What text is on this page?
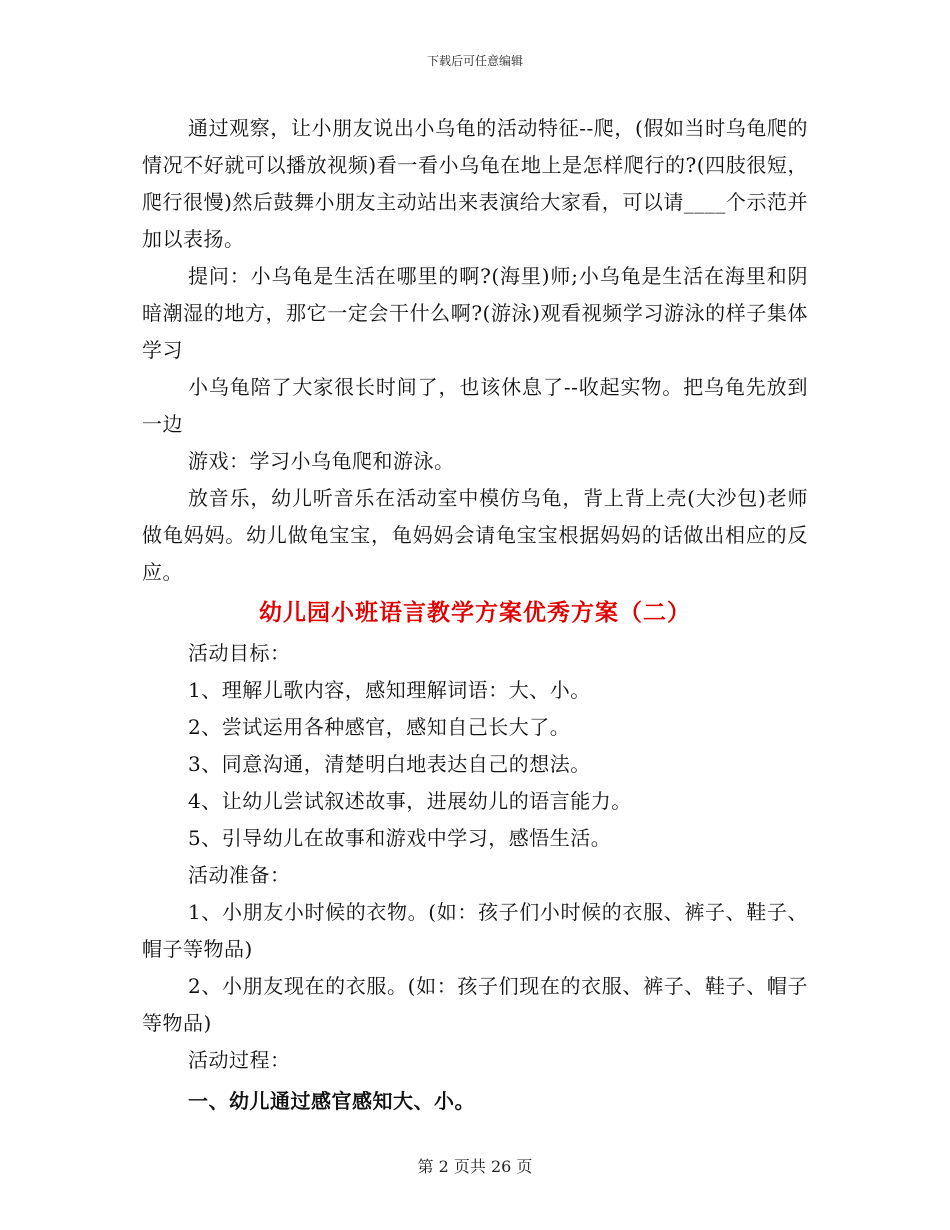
下载后可任意编辑

通过观察，让小朋友说出小乌龟的活动特征--爬，(假如当时乌龟爬的情况不好就可以播放视频)看一看小乌龟在地上是怎样爬行的?(四肢很短，爬行很慢)然后鼓舞小朋友主动站出来表演给大家看，可以请____个示范并加以表扬。

提问：小乌龟是生活在哪里的啊?(海里)师;小乌龟是生活在海里和阴暗潮湿的地方，那它一定会干什么啊?(游泳)观看视频学习游泳的样子集体学习

小乌龟陪了大家很长时间了，也该休息了--收起实物。把乌龟先放到一边

游戏：学习小乌龟爬和游泳。

放音乐，幼儿听音乐在活动室中模仿乌龟，背上背上壳(大沙包)老师做龟妈妈。幼儿做龟宝宝，龟妈妈会请龟宝宝根据妈妈的话做出相应的反应。

幼儿园小班语言教学方案优秀方案（二）

活动目标：

1、理解儿歌内容，感知理解词语：大、小。

2、尝试运用各种感官，感知自己长大了。

3、同意沟通，清楚明白地表达自己的想法。

4、让幼儿尝试叙述故事，进展幼儿的语言能力。

5、引导幼儿在故事和游戏中学习，感悟生活。

活动准备：

1、小朋友小时候的衣物。(如：孩子们小时候的衣服、裤子、鞋子、帽子等物品)

2、小朋友现在的衣服。(如：孩子们现在的衣服、裤子、鞋子、帽子等物品)

活动过程：

一、幼儿通过感官感知大、小。

第 2 页共 26 页
